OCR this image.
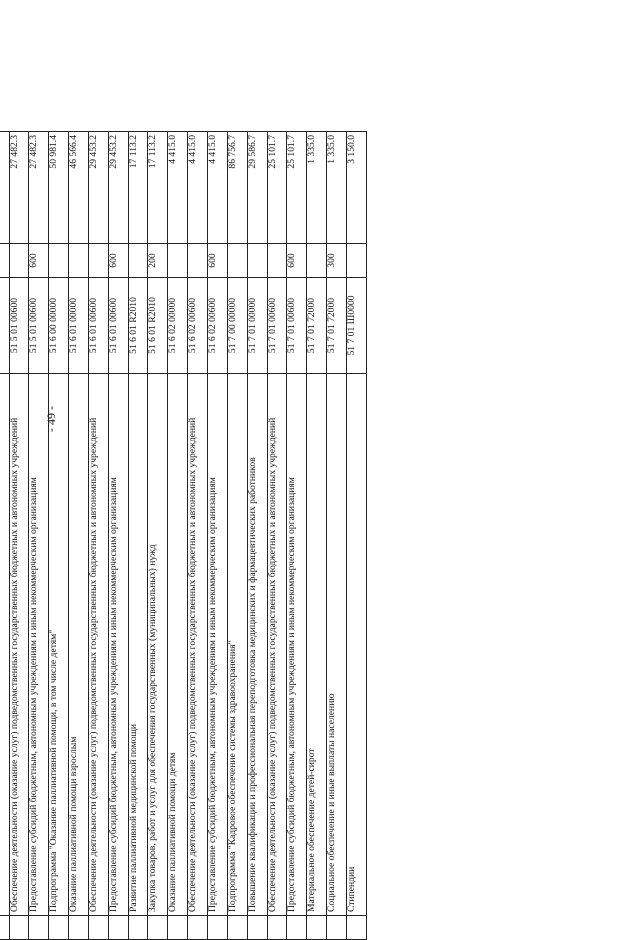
- 49 -

	Обеспечение деятельности (оказание услуг) подведомственных государственных бюджетных и автономных учреждений	51 5 01 00600		27 482.3
	Предоставление субсидий бюджетным, автономным учреждениям и иным некоммерческим организациям	51 5 01 00600	600	27 482.3
	Подпрограмма "Оказание паллиативной помощи, в том числе детям"	51 6 00 00000		50 981.4
	Оказание паллиативной помощи взрослым	51 6 01 00000		46 566.4
	Обеспечение деятельности (оказание услуг) подведомственных государственных бюджетных и автономных учреждений	51 6 01 00600		29 453.2
	Предоставление субсидий бюджетным, автономным учреждениям и иным некоммерческим организациям	51 6 01 00600	600	29 453.2
	Развитие паллиативной медицинской помощи	51 6 01 R2010		17 113.2
	Закупка товаров, работ и услуг для обеспечения государственных (муниципальных) нужд	51 6 01 R2010	200	17 113.2
	Оказание паллиативной помощи детям	51 6 02 00000		4 415.0
	Обеспечение деятельности (оказание услуг) подведомственных государственных бюджетных и автономных учреждений	51 6 02 00600		4 415.0
	Предоставление субсидий бюджетным, автономным учреждениям и иным некоммерческим организациям	51 6 02 00600	600	4 415.0
	Подпрограмма "Кадровое обеспечение системы здравоохранения"	51 7 00 00000		86 756.7
	Повышение квалификации и профессиональная переподготовка медицинских и фармацевтических работников	51 7 01 00000		29 586.7
	Обеспечение деятельности (оказание услуг) подведомственных государственных бюджетных и автономных учреждений	51 7 01 00600		25 101.7
	Предоставление субсидий бюджетным, автономным учреждениям и иным некоммерческим организациям	51 7 01 00600	600	25 101.7
	Материальное обеспечение детей-сирот	51 7 01 72000		1 335.0
	Социальное обеспечение и иные выплаты населению	51 7 01 72000	300	1 335.0
	Стипендии	51 7 01 Ш0000		3 150.0
